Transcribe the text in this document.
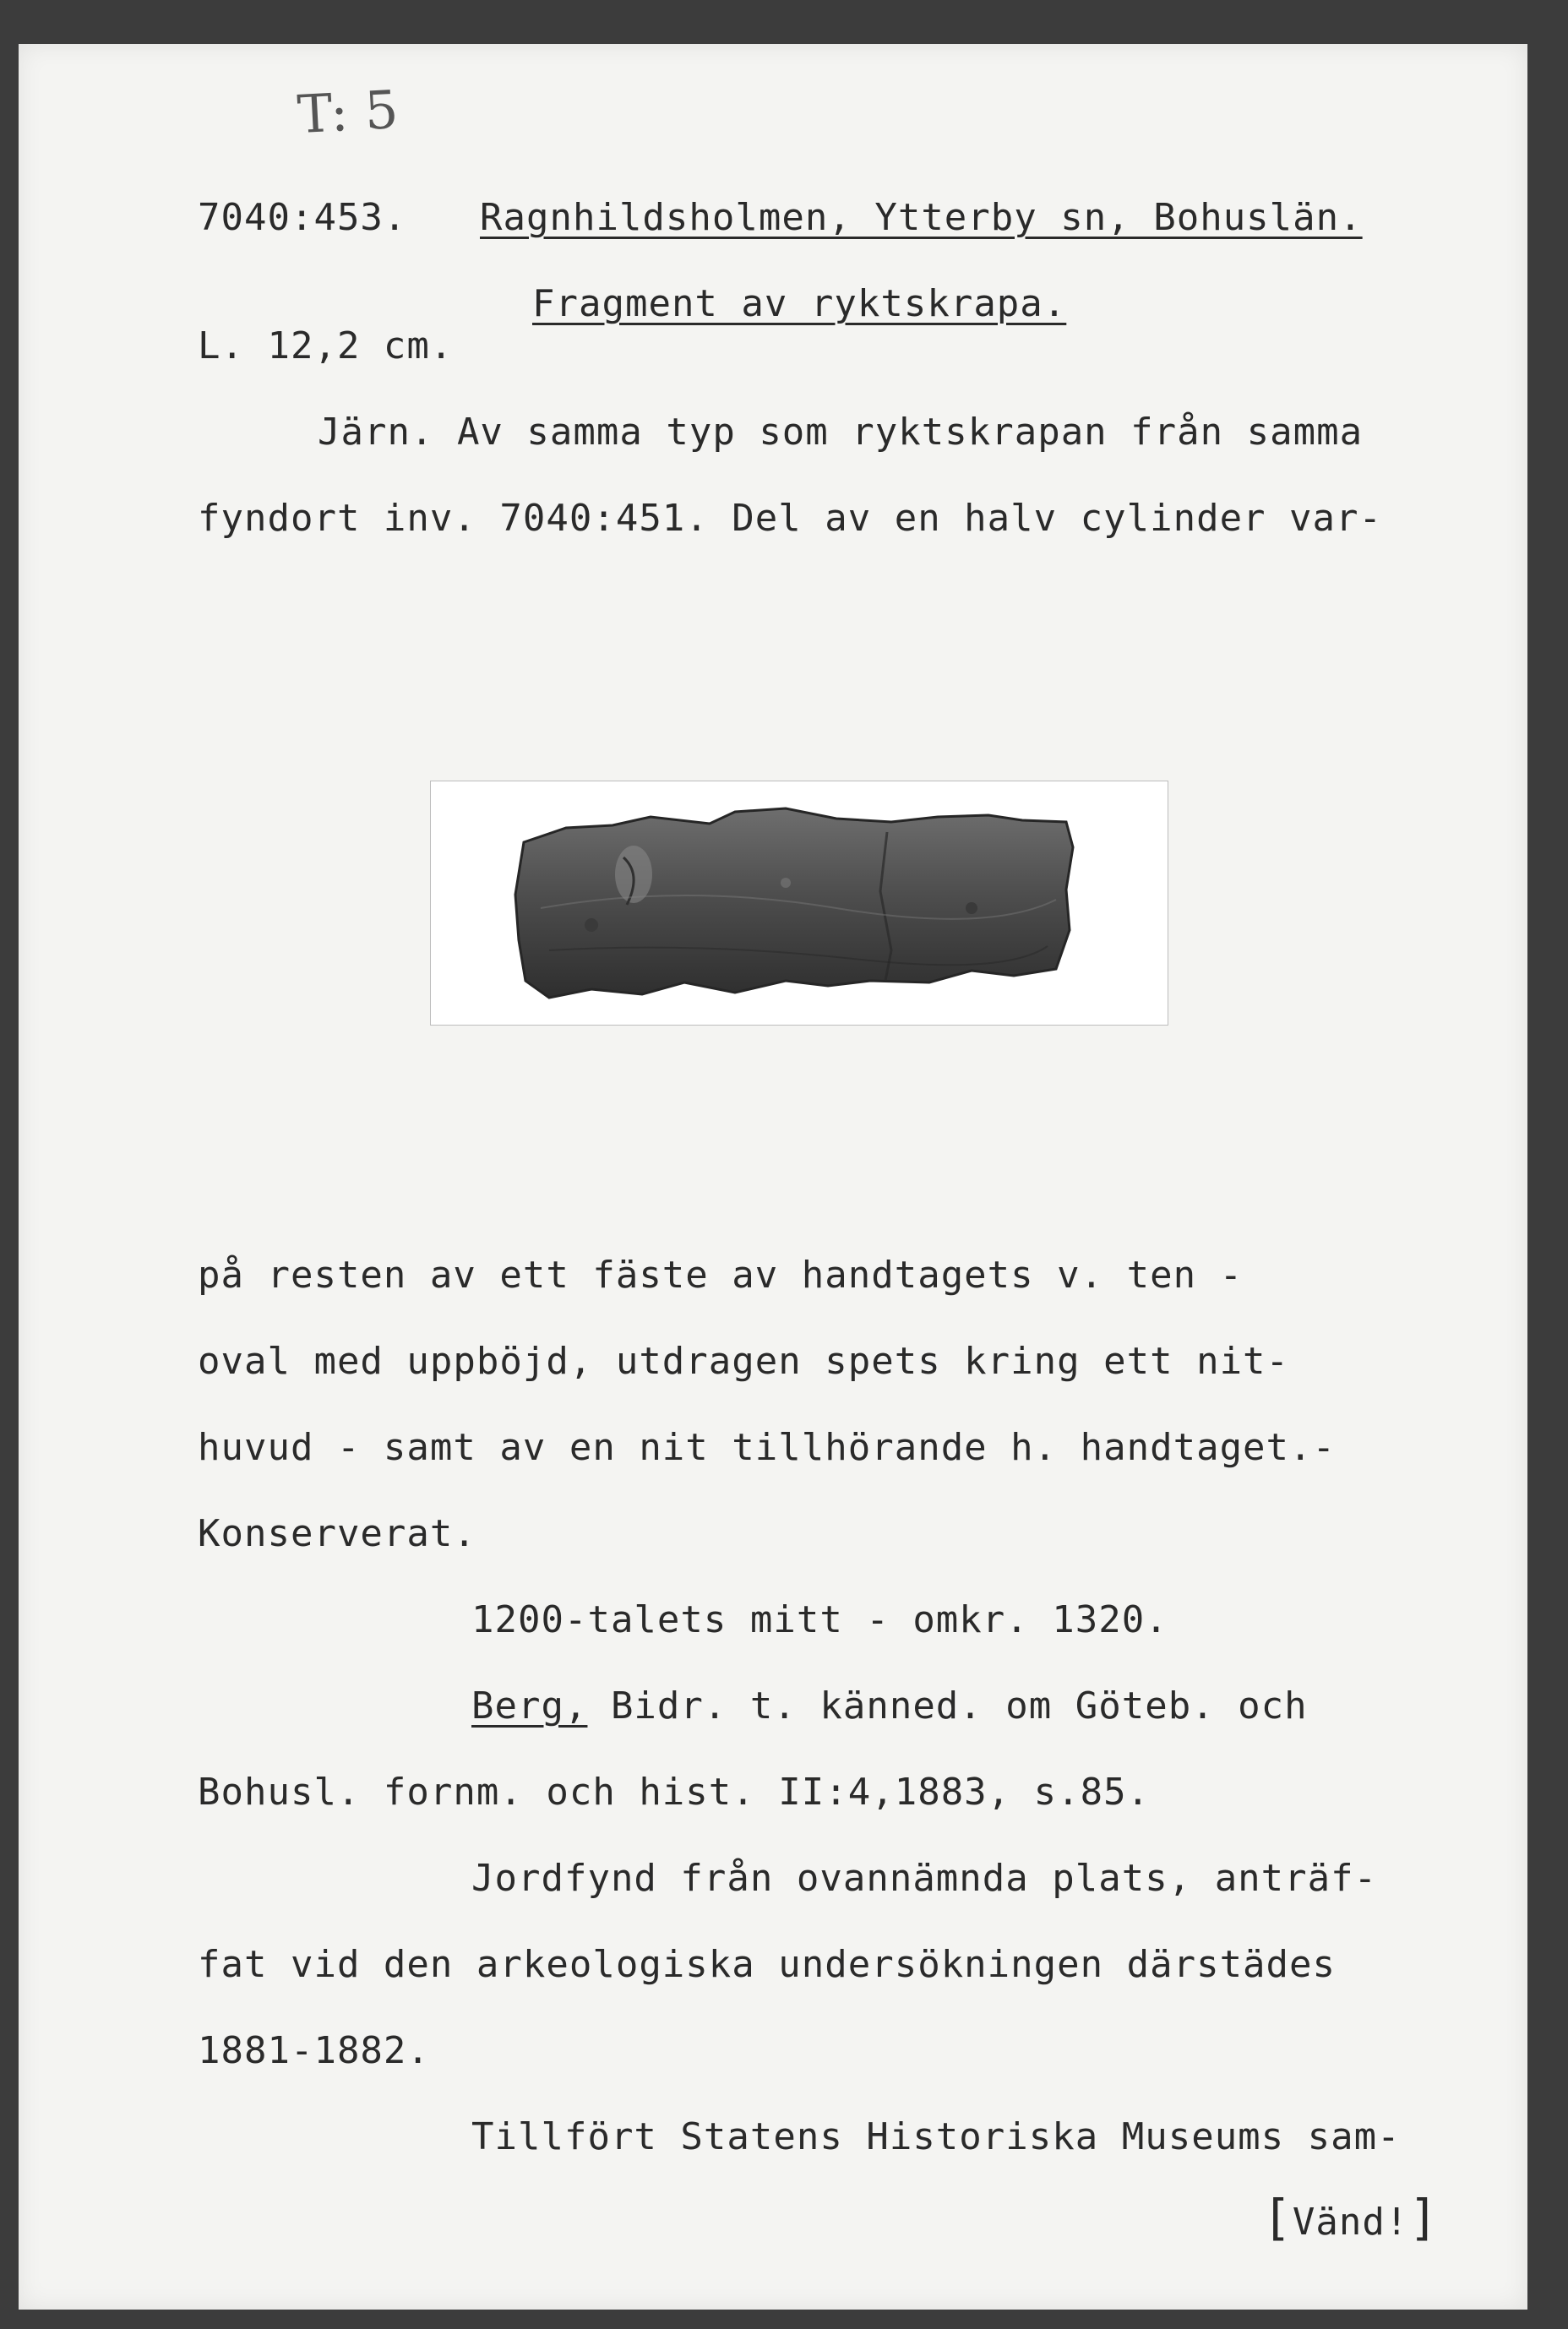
T: 5
7040:453. Ragnhildsholmen, Ytterby sn, Bohuslän.
Fragment av ryktskrapa.
L. 12,2 cm.
Järn. Av samma typ som ryktskrapan från samma
fyndort inv. 7040:451. Del av en halv cylinder var-
på resten av ett fäste av handtagets v. ten -
oval med uppböjd, utdragen spets kring ett nit-
huvud - samt av en nit tillhörande h. handtaget.-
Konserverat.
1200-talets mitt - omkr. 1320.
Berg, Bidr. t. känned. om Göteb. och
Bohusl. fornm. och hist. II:4,1883, s.85.
Jordfynd från ovannämnda plats, anträf-
fat vid den arkeologiska undersökningen därstädes
1881-1882.
Tillfört Statens Historiska Museums sam-
[Vänd!]
